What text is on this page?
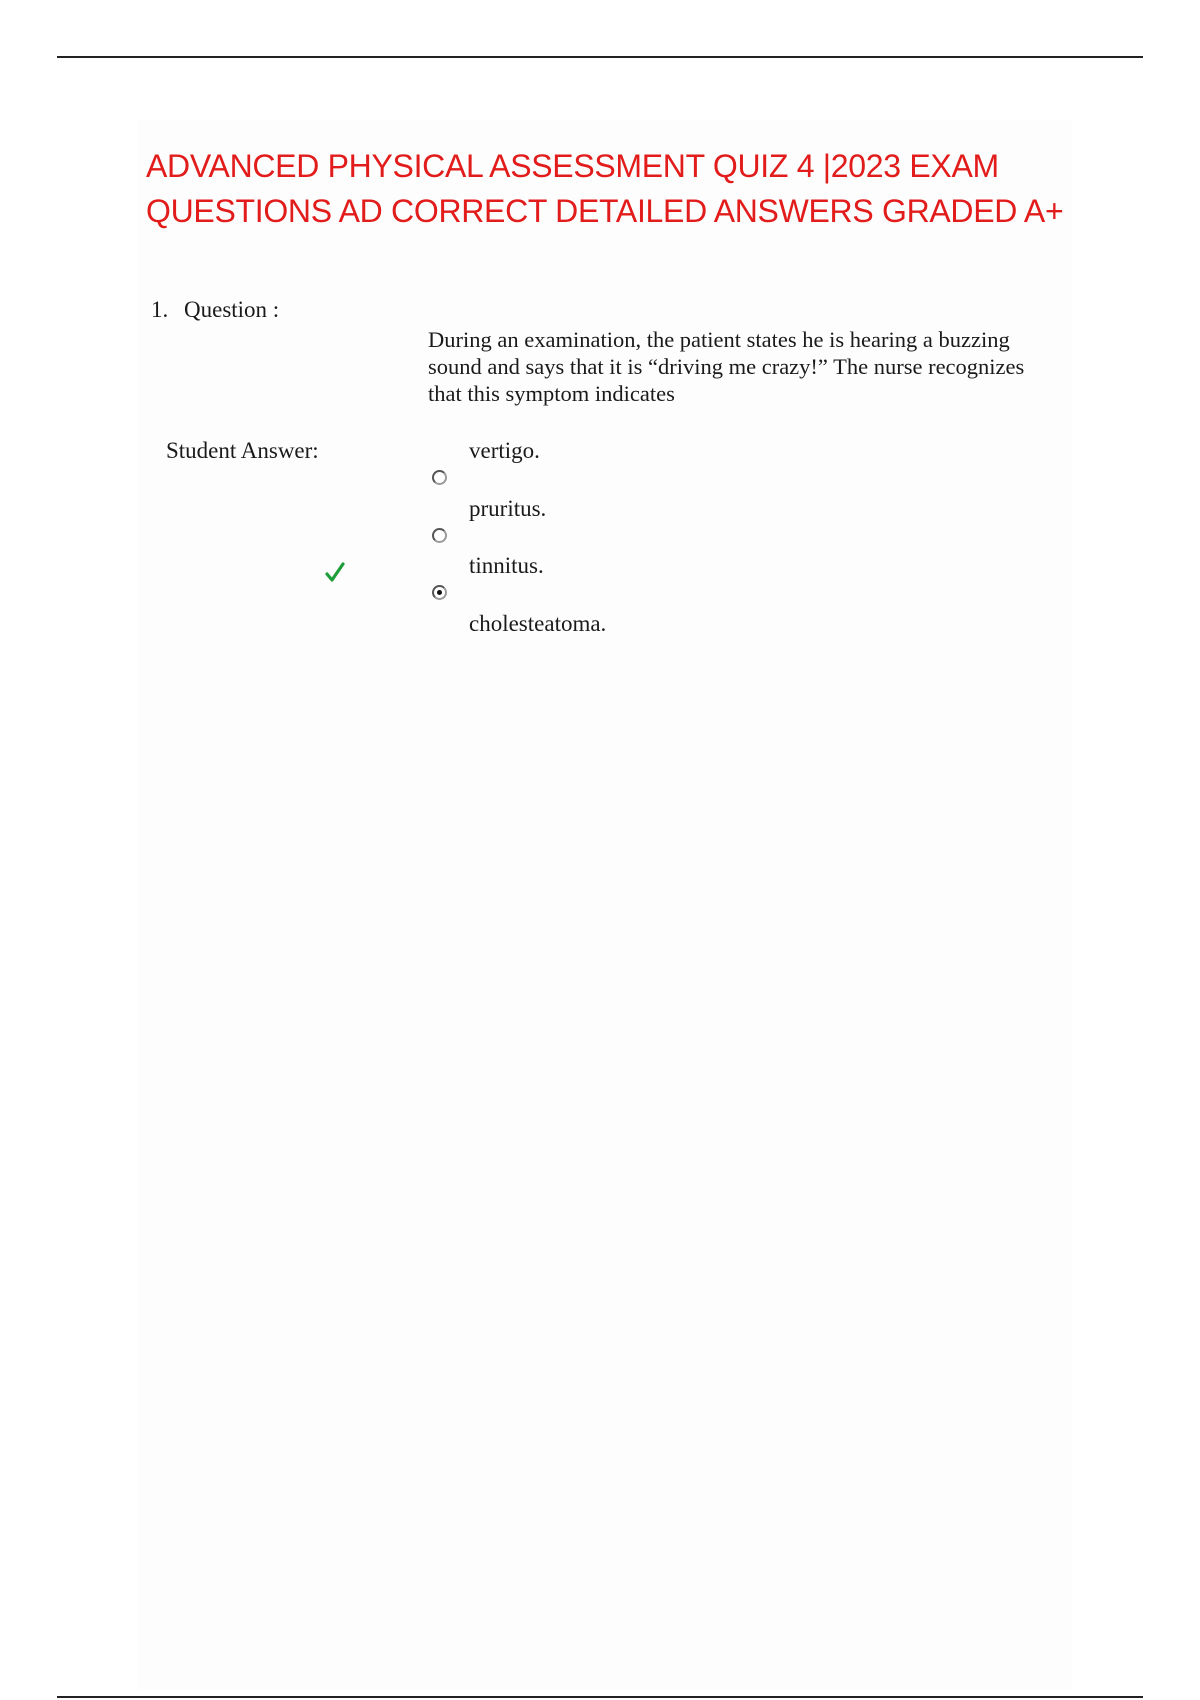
ADVANCED PHYSICAL ASSESSMENT QUIZ 4 |2023 EXAM
QUESTIONS AD CORRECT DETAILED ANSWERS GRADED A+
1. Question :
During an examination, the patient states he is hearing a buzzing
sound and says that it is “driving me crazy!” The nurse recognizes
that this symptom indicates
Student Answer:	vertigo.
pruritus.
tinnitus.
cholesteatoma.
